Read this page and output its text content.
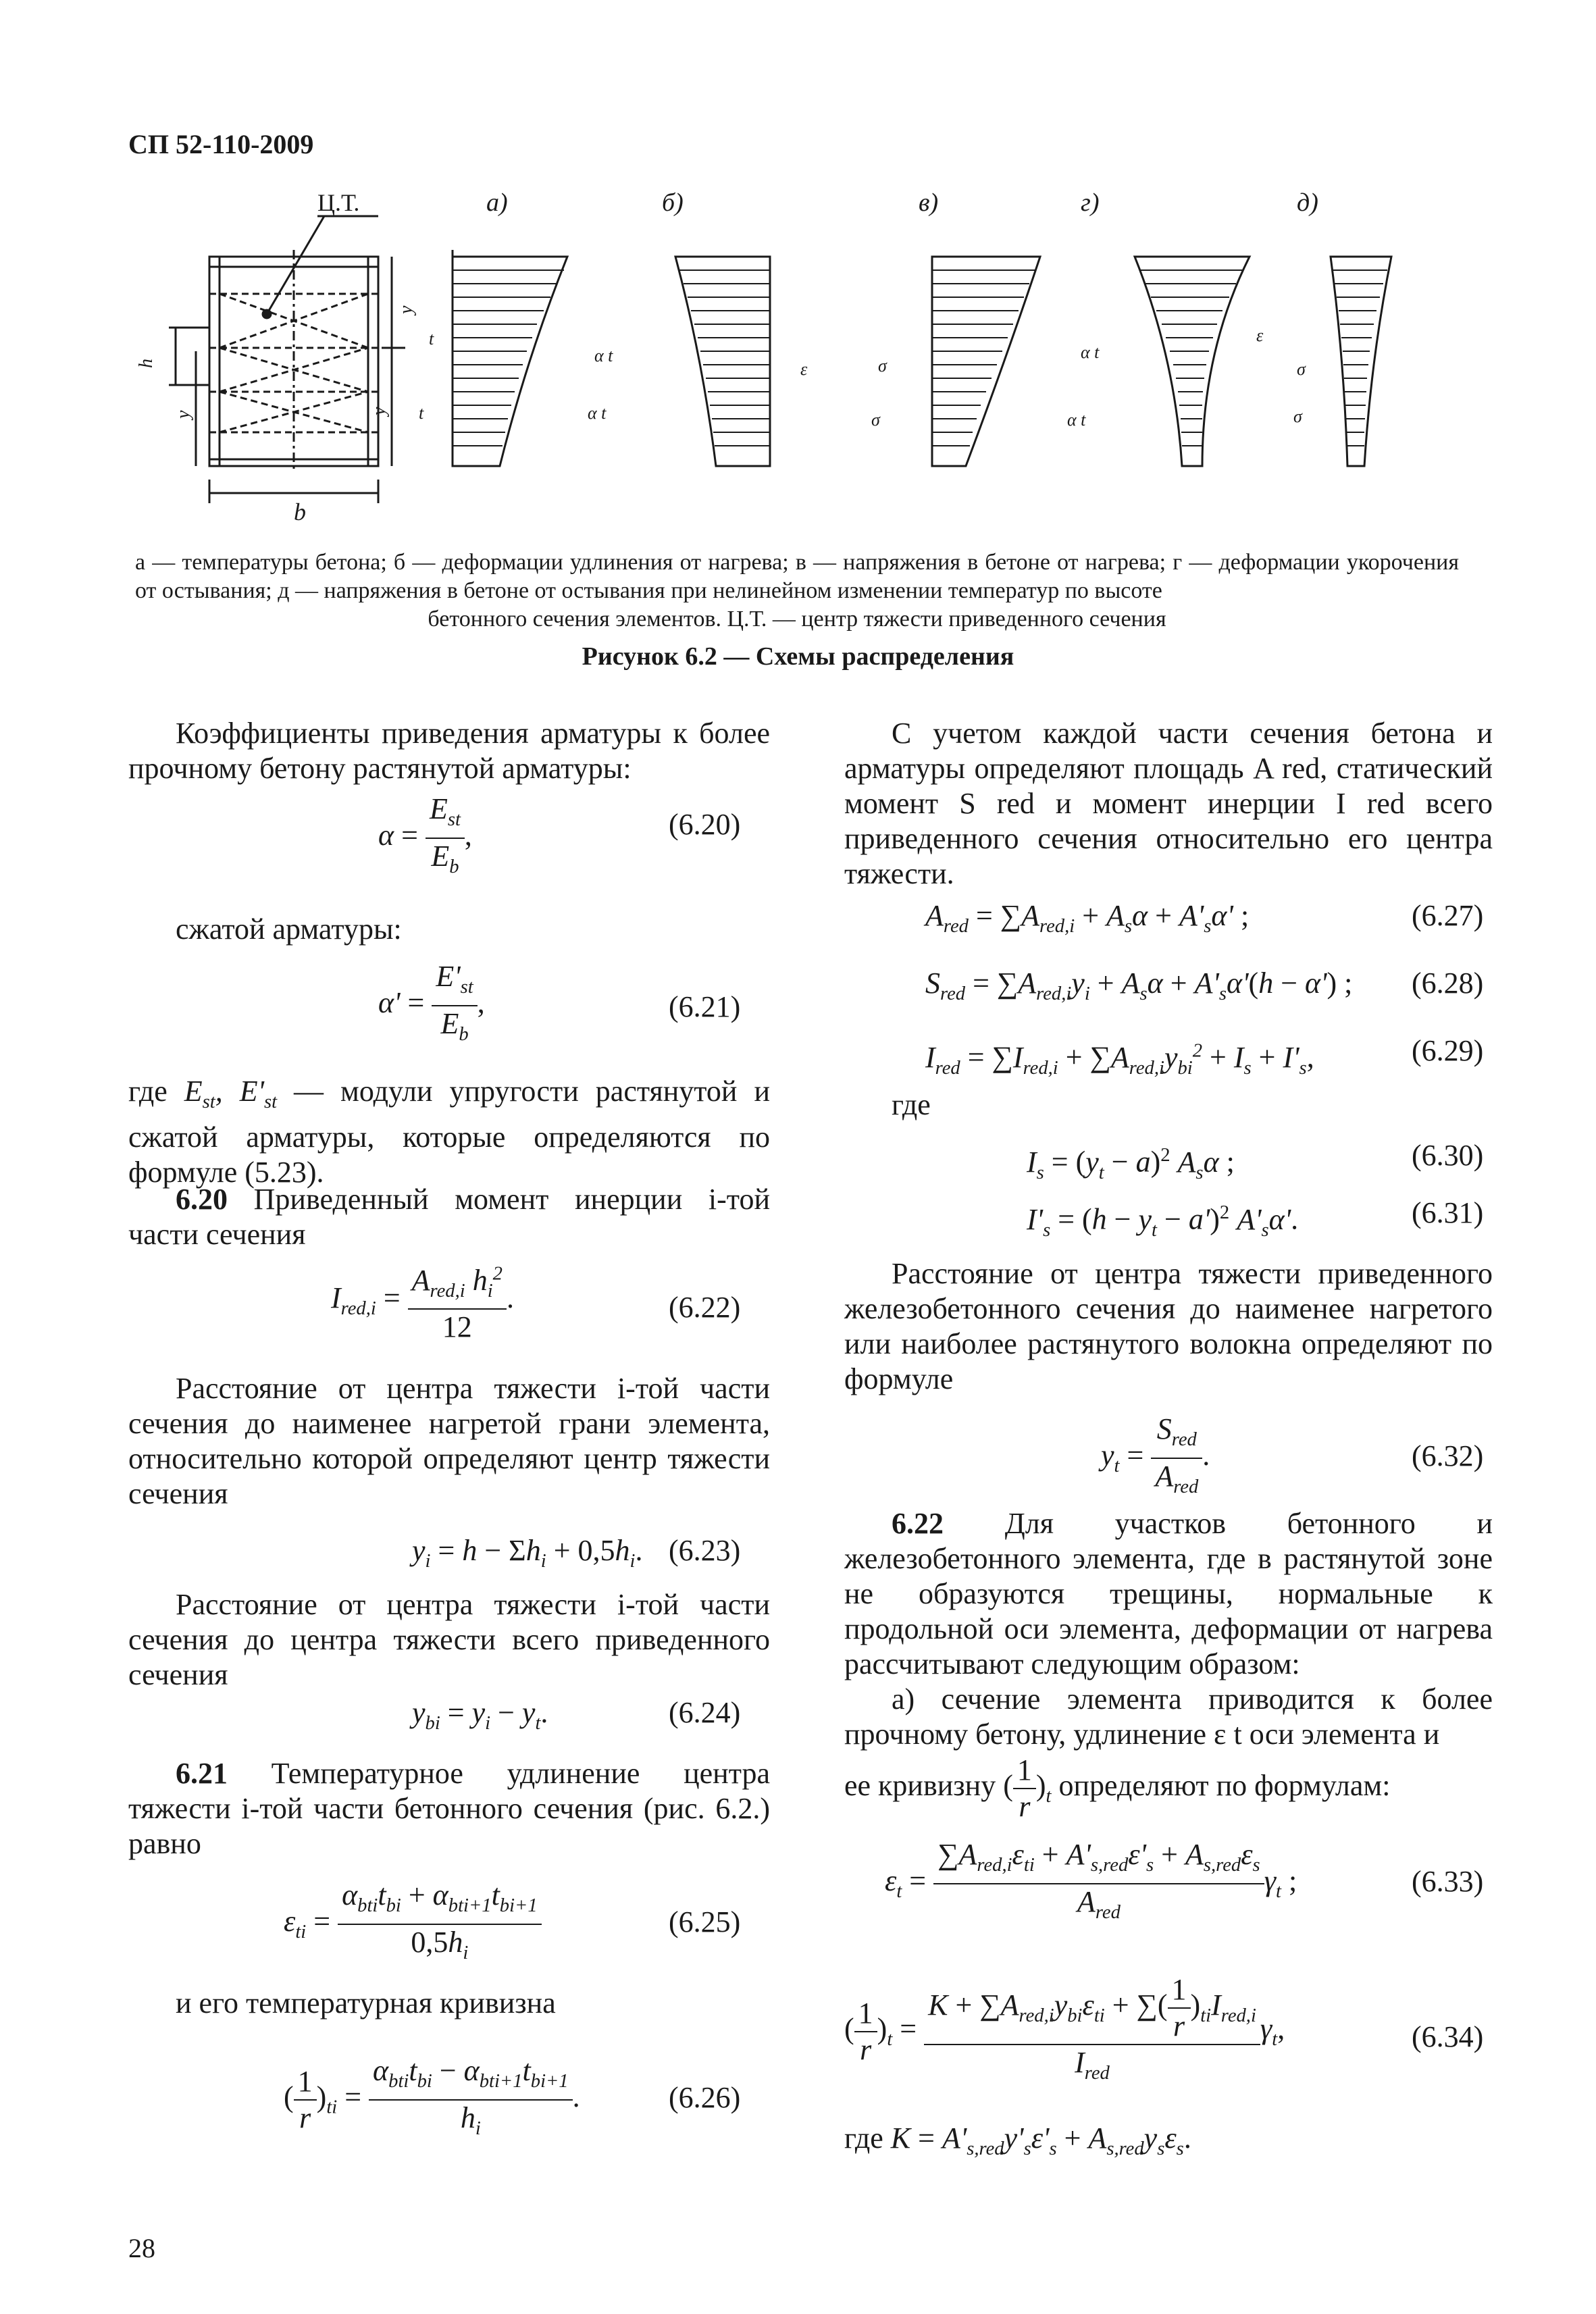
СП 52-110-2009
Ц.Т.
b
h
y
y
y
а)	б)	в)	г)	д)
t
t
α t
α t
ε	σ
σ
α t
α t
ε
σ
σ
а — температуры бетона; б — деформации удлинения от нагрева; в — напряжения в бетоне от нагрева; г — деформации укорочения от остывания; д — напряжения в бетоне от остывания при нелинейном изменении температур по высоте
бетонного сечения элементов. Ц.Т. — центр тяжести приведенного сечения
Рисунок 6.2 — Схемы распределения
Коэффициенты приведения арматуры к более прочному бетону растянутой арматуры:
$\alpha = \frac{E_{st}}{E_b}$ ,	(6.20)
сжатой арматуры:
$\alpha' = \frac{E'_{st}}{E_b}$ ,	(6.21)
где $E_{st}$, $E'_{st}$ — модули упругости растянутой и сжатой арматуры, которые определяются по формуле (5.23).
6.20 Приведенный момент инерции i-той части сечения
$I_{red,i} = \frac{A_{red,i} h_i^2}{12}$ .	(6.22)
Расстояние от центра тяжести i-той части сечения до наименее нагретой грани элемента, относительно которой определяют центр тяжести сечения
$y_i = h - \Sigma h_i + 0,5h_i$. (6.23)
Расстояние от центра тяжести i-той части сечения до центра тяжести всего приведенного сечения
$y_{bi} = y_i - y_t$.	(6.24)
6.21 Температурное удлинение центра тяжести i-той части бетонного сечения (рис. 6.2.) равно
$\varepsilon_{ti} = \frac{\alpha_{bti}t_{bi} + \alpha_{bti+1}t_{bi+1}}{0,5h_i}$	(6.25)
и его температурная кривизна
( $\frac{1}{r} )_{ti} = \frac{\alpha_{bti}t_{bi} - \alpha_{bti+1}t_{bi+1}}{h_i}$ .	(6.26)
С учетом каждой части сечения бетона и арматуры определяют площадь A red, статический момент S red и момент инерции I red всего приведенного сечения относительно его центра тяжести.
$A_{red} = \sum A_{red,i} + A_s\alpha + A'_s\alpha'$ ;	(6.27)
$S_{red} = \sum A_{red,i}y_i + A_s\alpha + A'_s\alpha'(h - \alpha')$ ; (6.28)
$I_{red} = \sum I_{red,i} + \sum A_{red,i}y_{bi}^2 + I_s + I'_s$,	(6.29)
где
$I_s = (y_t - a)^2$ $A_s\alpha$ ;	(6.30)
$I'_s = (h - y_t - a')^2$ $A'_s\alpha'$.	(6.31)
Расстояние от центра тяжести приведенного железобетонного сечения до наименее нагретого или наиболее растянутого волокна определяют по формуле
$y_t = \frac{S_{red}}{A_{red}}$ .	(6.32)
6.22 Для участков бетонного и железобетонного элемента, где в растянутой зоне не образуются трещины, нормальные к продольной оси элемента, деформации от нагрева рассчитывают следующим образом:
а) сечение элемента приводится к более прочному бетону, удлинение ε t оси элемента и
ее кривизну ( $\frac{1}{r} )_t$ определяют по формулам:
$\varepsilon_t = \frac{\sum A_{red,i}\varepsilon_{ti} + A'_{s,red}\varepsilon'_s + A_{s,red}\varepsilon_s}{A_{red}} \gamma_t$ ;	(6.33)
( $\frac{1}{r} )_t = \frac{K + \sum A_{red,i}y_{bi}\varepsilon_{ti} + \sum( \frac{1}{r} )_{ti}I_{red,i}}{I_{red}} \gamma_t$,	(6.34)
где $K = A'_{s,red}y'_s\varepsilon'_s + A_{s,red}y_s\varepsilon_s$.
28
